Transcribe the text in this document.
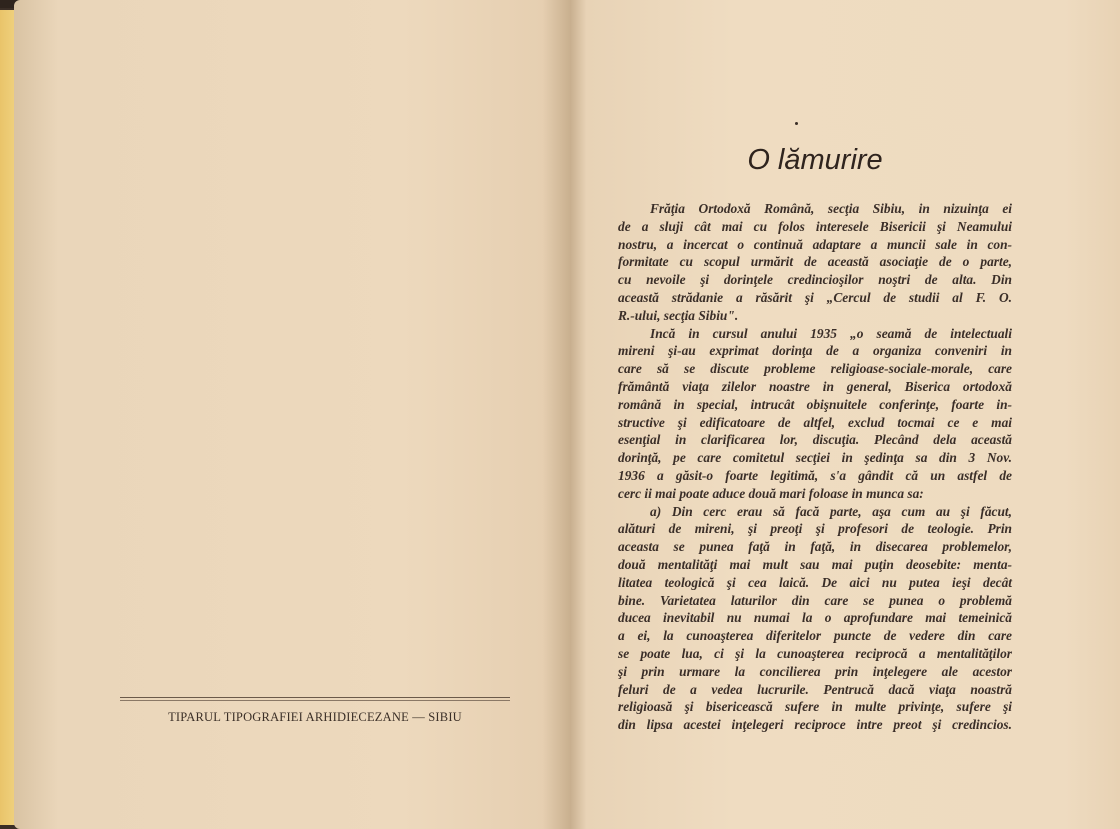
TIPARUL TIPOGRAFIEI ARHIDIECEZANE — SIBIU
O lămurire
Frăţia Ortodoxă Română, secţia Sibiu, in nizuinţa ei
de a sluji cât mai cu folos interesele Bisericii şi Neamului
nostru, a incercat o continuă adaptare a muncii sale in con-
formitate cu scopul urmărit de această asociaţie de o parte,
cu nevoile şi dorinţele credincioşilor noştri de alta. Din
această strădanie a răsărit şi „Cercul de studii al F. O.
R.-ului, secţia Sibiu".
Incă in cursul anului 1935 „o seamă de intelectuali
mireni şi-au exprimat dorinţa de a organiza conveniri in
care să se discute probleme religioase-sociale-morale, care
frământă viaţa zilelor noastre in general, Biserica ortodoxă
română in special, intrucât obişnuitele conferinţe, foarte in-
structive şi edificatoare de altfel, exclud tocmai ce e mai
esenţial in clarificarea lor, discuţia. Plecând dela această
dorinţă, pe care comitetul secţiei in şedinţa sa din 3 Nov.
1936 a găsit-o foarte legitimă, s'a gândit că un astfel de
cerc ii mai poate aduce două mari foloase in munca sa:
a) Din cerc erau să facă parte, aşa cum au şi făcut,
alături de mireni, şi preoţi şi profesori de teologie. Prin
aceasta se punea faţă in faţă, in disecarea problemelor,
două mentalităţi mai mult sau mai puţin deosebite: menta-
litatea teologică şi cea laică. De aici nu putea ieşi decât
bine. Varietatea laturilor din care se punea o problemă
ducea inevitabil nu numai la o aprofundare mai temeinică
a ei, la cunoaşterea diferitelor puncte de vedere din care
se poate lua, ci şi la cunoaşterea reciprocă a mentalităţilor
şi prin urmare la concilierea prin inţelegere ale acestor
feluri de a vedea lucrurile. Pentrucă dacă viaţa noastră
religioasă şi bisericească sufere in multe privinţe, sufere şi
din lipsa acestei inţelegeri reciproce intre preot şi credincios.
